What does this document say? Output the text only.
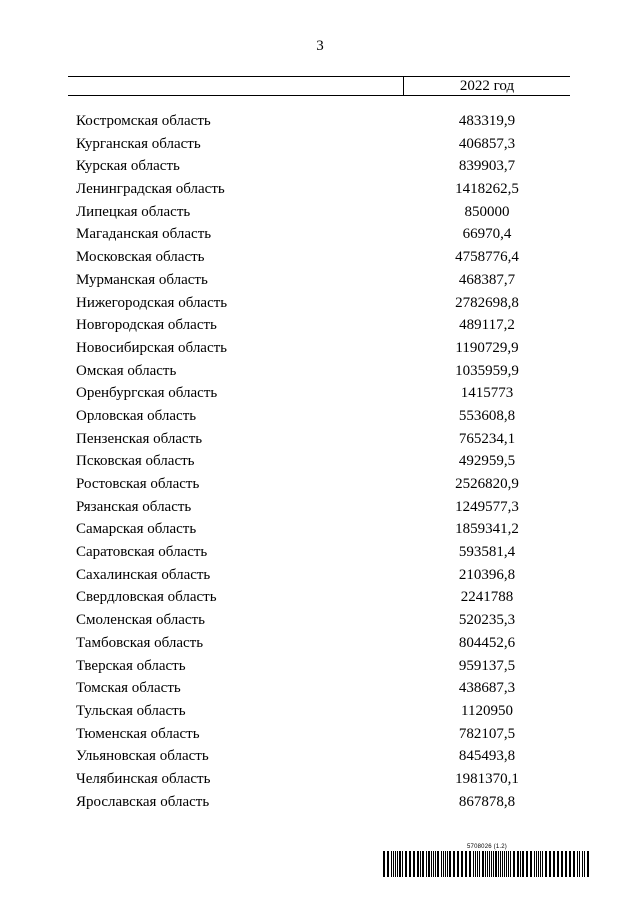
3
2022 год
Костромская область	483319,9
Курганская область	406857,3
Курская область	839903,7
Ленинградская область	1418262,5
Липецкая область	850000
Магаданская область	66970,4
Московская область	4758776,4
Мурманская область	468387,7
Нижегородская область	2782698,8
Новгородская область	489117,2
Новосибирская область	1190729,9
Омская область	1035959,9
Оренбургская область	1415773
Орловская область	553608,8
Пензенская область	765234,1
Псковская область	492959,5
Ростовская область	2526820,9
Рязанская область	1249577,3
Самарская область	1859341,2
Саратовская область	593581,4
Сахалинская область	210396,8
Свердловская область	2241788
Смоленская область	520235,3
Тамбовская область	804452,6
Тверская область	959137,5
Томская область	438687,3
Тульская область	1120950
Тюменская область	782107,5
Ульяновская область	845493,8
Челябинская область	1981370,1
Ярославская область	867878,8
5708026 (1.2)
